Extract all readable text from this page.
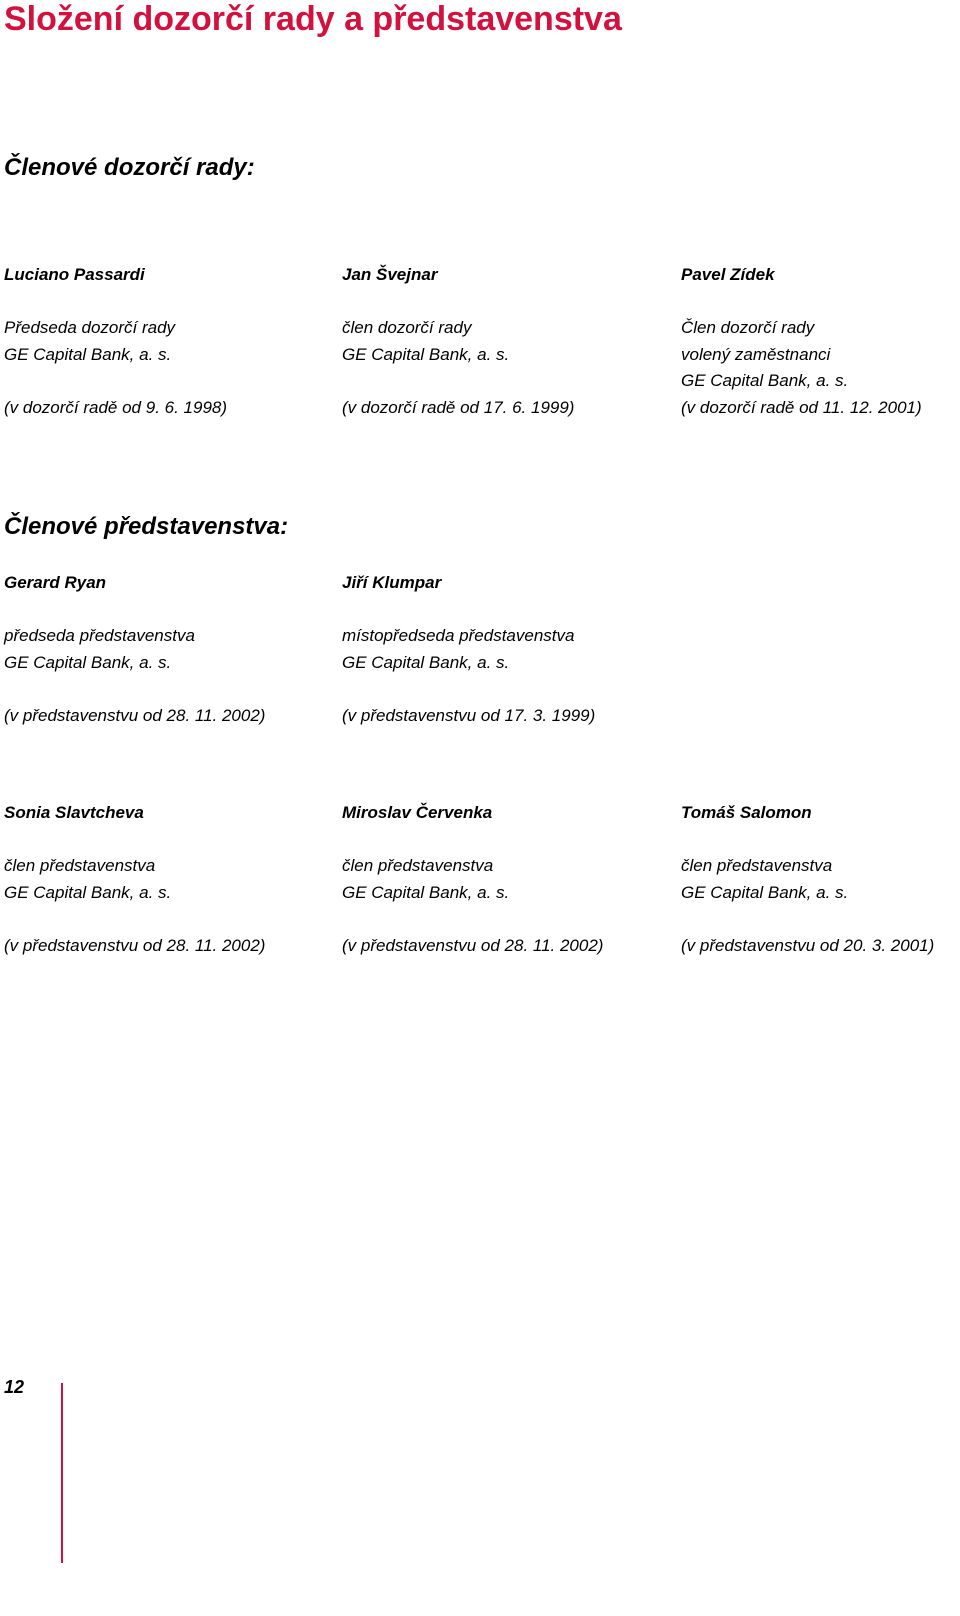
Složení dozorčí rady a představenstva
Členové dozorčí rady:
Luciano Passardi
Předseda dozorčí rady
GE Capital Bank, a. s.
(v dozorčí radě od 9. 6. 1998)
Jan Švejnar
člen dozorčí rady
GE Capital Bank, a. s.
(v dozorčí radě od 17. 6. 1999)
Pavel Zídek
Člen dozorčí rady
volený zaměstnanci
GE Capital Bank, a. s.
(v dozorčí radě od 11. 12. 2001)
Členové představenstva:
Gerard Ryan
předseda představenstva
GE Capital Bank, a. s.
(v představenstvu od 28. 11. 2002)
Jiří Klumpar
místopředseda představenstva
GE Capital Bank, a. s.
(v představenstvu od 17. 3. 1999)
Sonia Slavtcheva
člen představenstva
GE Capital Bank, a. s.
(v představenstvu od 28. 11. 2002)
Miroslav Červenka
člen představenstva
GE Capital Bank, a. s.
(v představenstvu od 28. 11. 2002)
Tomáš Salomon
člen představenstva
GE Capital Bank, a. s.
(v představenstvu od 20. 3. 2001)
12
